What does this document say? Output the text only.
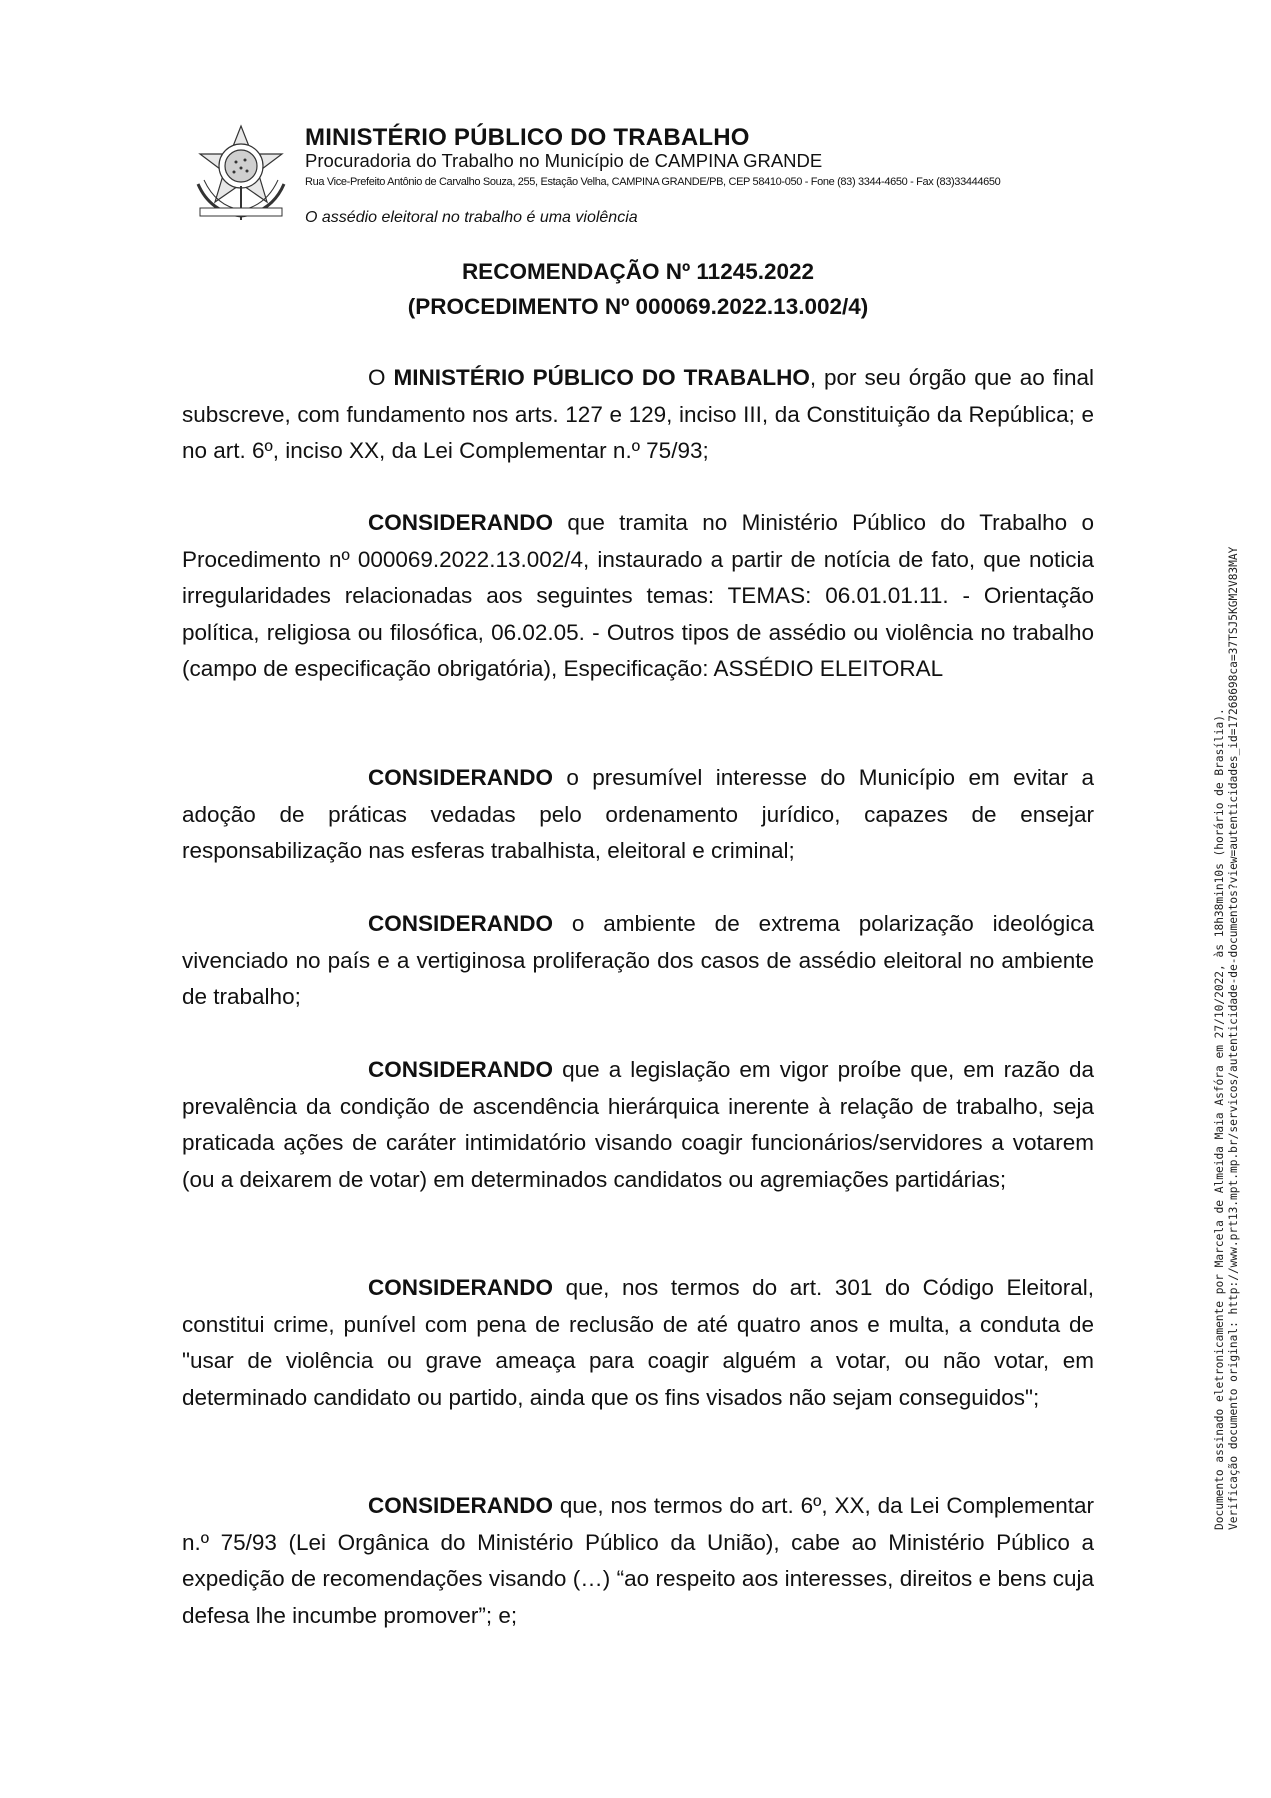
MINISTÉRIO PÚBLICO DO TRABALHO
Procuradoria do Trabalho no Município de CAMPINA GRANDE
Rua Vice-Prefeito Antônio de Carvalho Souza, 255, Estação Velha, CAMPINA GRANDE/PB, CEP 58410-050 - Fone (83) 3344-4650 - Fax (83)33444650
O assédio eleitoral no trabalho é uma violência
RECOMENDAÇÃO Nº 11245.2022
(PROCEDIMENTO Nº 000069.2022.13.002/4)

O MINISTÉRIO PÚBLICO DO TRABALHO, por seu órgão que ao final subscreve, com fundamento nos arts. 127 e 129, inciso III, da Constituição da República; e no art. 6º, inciso XX, da Lei Complementar n.º 75/93;

CONSIDERANDO que tramita no Ministério Público do Trabalho o Procedimento nº 000069.2022.13.002/4, instaurado a partir de notícia de fato, que noticia irregularidades relacionadas aos seguintes temas: TEMAS: 06.01.01.11. - Orientação política, religiosa ou filosófica, 06.02.05. - Outros tipos de assédio ou violência no trabalho (campo de especificação obrigatória), Especificação: ASSÉDIO ELEITORAL

CONSIDERANDO o presumível interesse do Município em evitar a adoção de práticas vedadas pelo ordenamento jurídico, capazes de ensejar responsabilização nas esferas trabalhista, eleitoral e criminal;

CONSIDERANDO o ambiente de extrema polarização ideológica vivenciado no país e a vertiginosa proliferação dos casos de assédio eleitoral no ambiente de trabalho;

CONSIDERANDO que a legislação em vigor proíbe que, em razão da prevalência da condição de ascendência hierárquica inerente à relação de trabalho, seja praticada ações de caráter intimidatório visando coagir funcionários/servidores a votarem (ou a deixarem de votar) em determinados candidatos ou agremiações partidárias;

CONSIDERANDO que, nos termos do art. 301 do Código Eleitoral, constitui crime, punível com pena de reclusão de até quatro anos e multa, a conduta de "usar de violência ou grave ameaça para coagir alguém a votar, ou não votar, em determinado candidato ou partido, ainda que os fins visados não sejam conseguidos";

CONSIDERANDO que, nos termos do art. 6º, XX, da Lei Complementar n.º 75/93 (Lei Orgânica do Ministério Público da União), cabe ao Ministério Público a expedição de recomendações visando (…) “ao respeito aos interesses, direitos e bens cuja defesa lhe incumbe promover”; e;

Documento assinado eletronicamente por Marcela de Almeida Maia Asfóra em 27/10/2022, às 18h38min10s (horário de Brasília). Verificação documento original: http://www.prt13.mpt.mp.br/servicos/autenticidade-de-documentos?view=autenticidades_id=17268698ca=37TSJ5KGM2V83MAY
